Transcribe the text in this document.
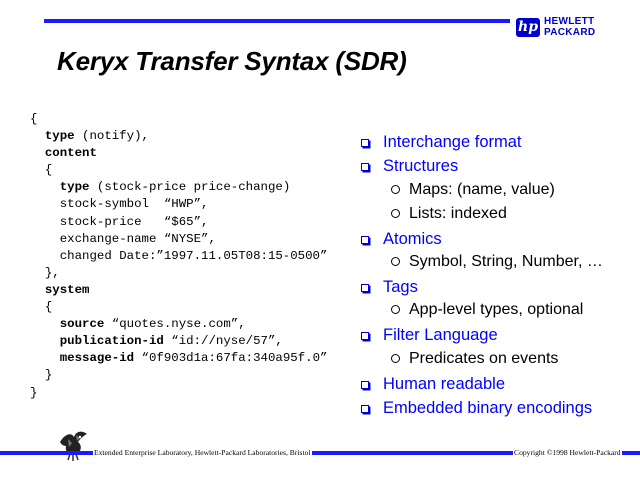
hp HEWLETT
PACKARD
Keryx Transfer Syntax (SDR)
{
type (notify),
content
{
type (stock-price price-change)
stock-symbol  “HWP”,
stock-price   “$65”,
exchange-name “NYSE”,
changed Date:”1997.11.05T08:15-0500”
},
system
{
source “quotes.nyse.com”,
publication-id “id://nyse/57”,
message-id “0f903d1a:67fa:340a95f.0”
}
}
Interchange format
Structures
Maps: (name, value)
Lists: indexed
Atomics
Symbol, String, Number, …
Tags
App-level types, optional
Filter Language
Predicates on events
Human readable
Embedded binary encodings

Extended Enterprise Laboratory, Hewlett-Packard Laboratories, Bristol	Copyright ©1998 Hewlett-Packard
